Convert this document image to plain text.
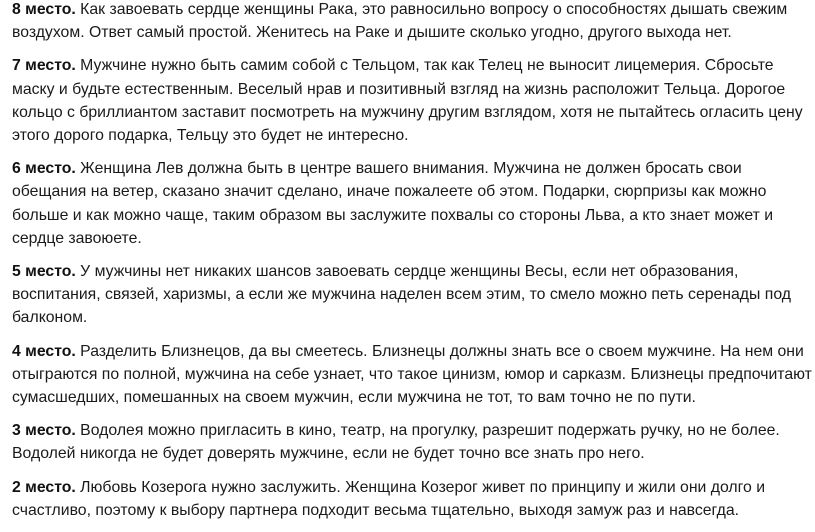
8 место. Как завоевать сердце женщины Рака, это равносильно вопросу о способностях дышать свежим воздухом. Ответ самый простой. Женитесь на Раке и дышите сколько угодно, другого выхода нет.

7 место. Мужчине нужно быть самим собой с Тельцом, так как Телец не выносит лицемерия. Сбросьте маску и будьте естественным. Веселый нрав и позитивный взгляд на жизнь расположит Тельца. Дорогое кольцо с бриллиантом заставит посмотреть на мужчину другим взглядом, хотя не пытайтесь огласить цену этого дорого подарка, Тельцу это будет не интересно.

6 место. Женщина Лев должна быть в центре вашего внимания. Мужчина не должен бросать свои обещания на ветер, сказано значит сделано, иначе пожалеете об этом. Подарки, сюрпризы как можно больше и как можно чаще, таким образом вы заслужите похвалы со стороны Льва, а кто знает может и сердце завоюете.

5 место. У мужчины нет никаких шансов завоевать сердце женщины Весы, если нет образования, воспитания, связей, харизмы, а если же мужчина наделен всем этим, то смело можно петь серенады под балконом.

4 место. Разделить Близнецов, да вы смеетесь. Близнецы должны знать все о своем мужчине. На нем они отыграются по полной, мужчина на себе узнает, что такое цинизм, юмор и сарказм. Близнецы предпочитают сумасшедших, помешанных на своем мужчин, если мужчина не тот, то вам точно не по пути.

3 место. Водолея можно пригласить в кино, театр, на прогулку, разрешит подержать ручку, но не более. Водолей никогда не будет доверять мужчине, если не будет точно все знать про него.

2 место. Любовь Козерога нужно заслужить. Женщина Козерог живет по принципу и жили они долго и счастливо, поэтому к выбору партнера подходит весьма тщательно, выходя замуж раз и навсегда.
